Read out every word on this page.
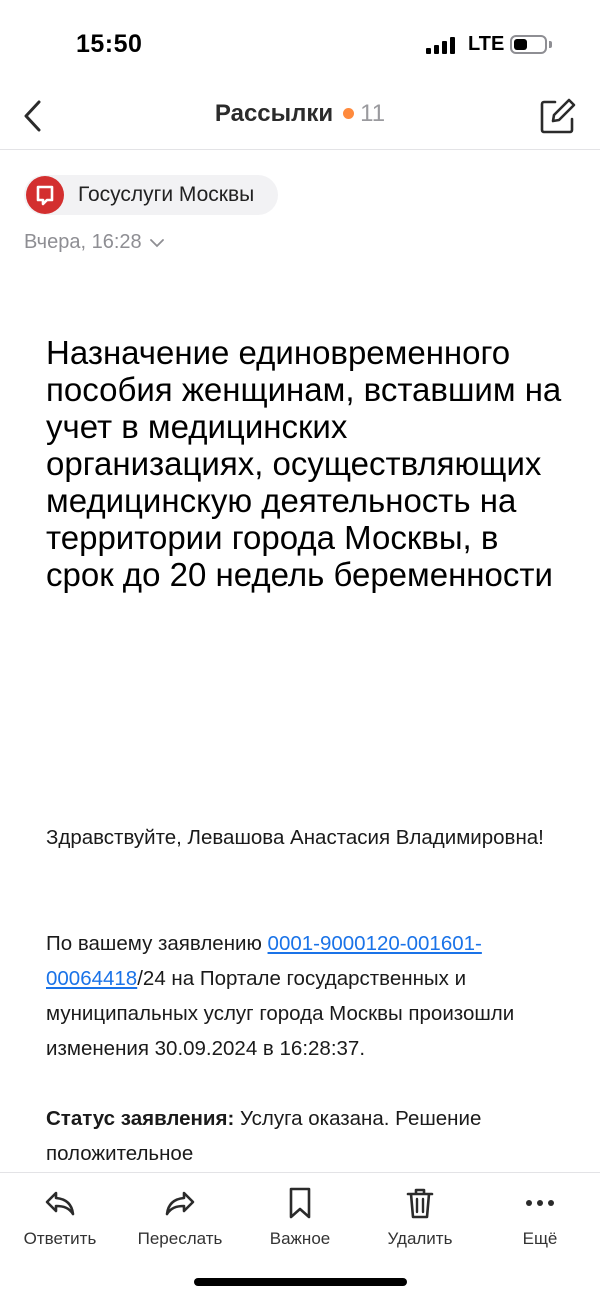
15:50	LTE
Рассылки 11
Госуслуги Москвы
Вчера, 16:28
Назначение единовременного пособия женщинам, вставшим на учет в медицинских организациях, осуществляющих медицинскую деятельность на территории города Москвы, в срок до 20 недель беременности
Здравствуйте, Левашова Анастасия Владимировна!
По вашему заявлению 0001-9000120-001601-00064418/24 на Портале государственных и муниципальных услуг города Москвы произошли изменения 30.09.2024 в 16:28:37.
Статус заявления: Услуга оказана. Решение положительное
Ответить	Переслать	Важное	Удалить	Ещё
